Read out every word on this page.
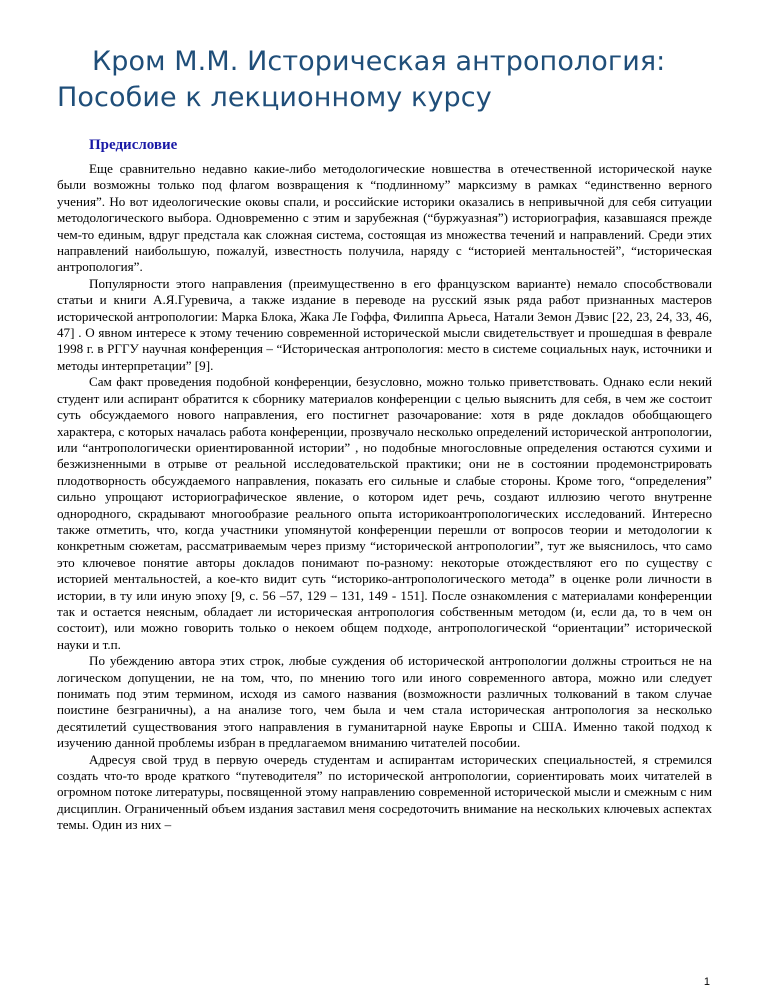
Кром М.М. Историческая антропология:
Пособие к лекционному курсу
Предисловие

Еще сравнительно недавно какие-либо методологические новшества в отечественной исторической науке были возможны только под флагом возвращения к “подлинному” марксизму в рамках “единственно верного учения”. Но вот идеологические оковы спали, и российские историки оказались в непривычной для себя ситуации методологического выбора. Одновременно с этим и зарубежная (“буржуазная”) историография, казавшаяся прежде чем-то единым, вдруг предстала как сложная система, состоящая из множества течений и направлений. Среди этих направлений наибольшую, пожалуй, известность получила, наряду с “историей ментальностей”, “историческая антропология”.

Популярности этого направления (преимущественно в его французском варианте) немало способствовали статьи и книги А.Я.Гуревича, а также издание в переводе на русский язык ряда работ признанных мастеров исторической антропологии: Марка Блока, Жака Ле Гоффа, Филиппа Арьеса, Натали Земон Дэвис [22, 23, 24, 33, 46, 47] . О явном интересе к этому течению современной исторической мысли свидетельствует и прошедшая в феврале 1998 г. в РГГУ научная конференция – “Историческая антропология: место в системе социальных наук, источники и методы интерпретации” [9].

Сам факт проведения подобной конференции, безусловно, можно только приветствовать. Однако если некий студент или аспирант обратится к сборнику материалов конференции с целью выяснить для себя, в чем же состоит суть обсуждаемого нового направления, его постигнет разочарование: хотя в ряде докладов обобщающего характера, с которых началась работа конференции, прозвучало несколько определений исторической антропологии, или “антропологически ориентированной истории” , но подобные многословные определения остаются сухими и безжизненными в отрыве от реальной исследовательской практики; они не в состоянии продемонстрировать плодотворность обсуждаемого направления, показать его сильные и слабые стороны. Кроме того, “определения” сильно упрощают историографическое явление, о котором идет речь, создают иллюзию чегото внутренне однородного, скрадывают многообразие реального опыта историкоантропологических исследований. Интересно также отметить, что, когда участники упомянутой конференции перешли от вопросов теории и методологии к конкретным сюжетам, рассматриваемым через призму “исторической антропологии”, тут же выяснилось, что само это ключевое понятие авторы докладов понимают по-разному: некоторые отождествляют его по существу с историей ментальностей, а кое-кто видит суть “историко-антропологического метода” в оценке роли личности в истории, в ту или иную эпоху [9, с. 56 –57, 129 – 131, 149 - 151]. После ознакомления с материалами конференции так и остается неясным, обладает ли историческая антропология собственным методом (и, если да, то в чем он состоит), или можно говорить только о некоем общем подходе, антропологической “ориентации” исторической науки и т.п.

По убеждению автора этих строк, любые суждения об исторической антропологии должны строиться не на логическом допущении, не на том, что, по мнению того или иного современного автора, можно или следует понимать под этим термином, исходя из самого названия (возможности различных толкований в таком случае поистине безграничны), а на анализе того, чем была и чем стала историческая антропология за несколько десятилетий существования этого направления в гуманитарной науке Европы и США. Именно такой подход к изучению данной проблемы избран в предлагаемом вниманию читателей пособии.

Адресуя свой труд в первую очередь студентам и аспирантам исторических специальностей, я стремился создать что-то вроде краткого “путеводителя” по исторической антропологии, сориентировать моих читателей в огромном потоке литературы, посвященной этому направлению современной исторической мысли и смежным с ним дисциплин. Ограниченный объем издания заставил меня сосредоточить внимание на нескольких ключевых аспектах темы. Один из них –

1
